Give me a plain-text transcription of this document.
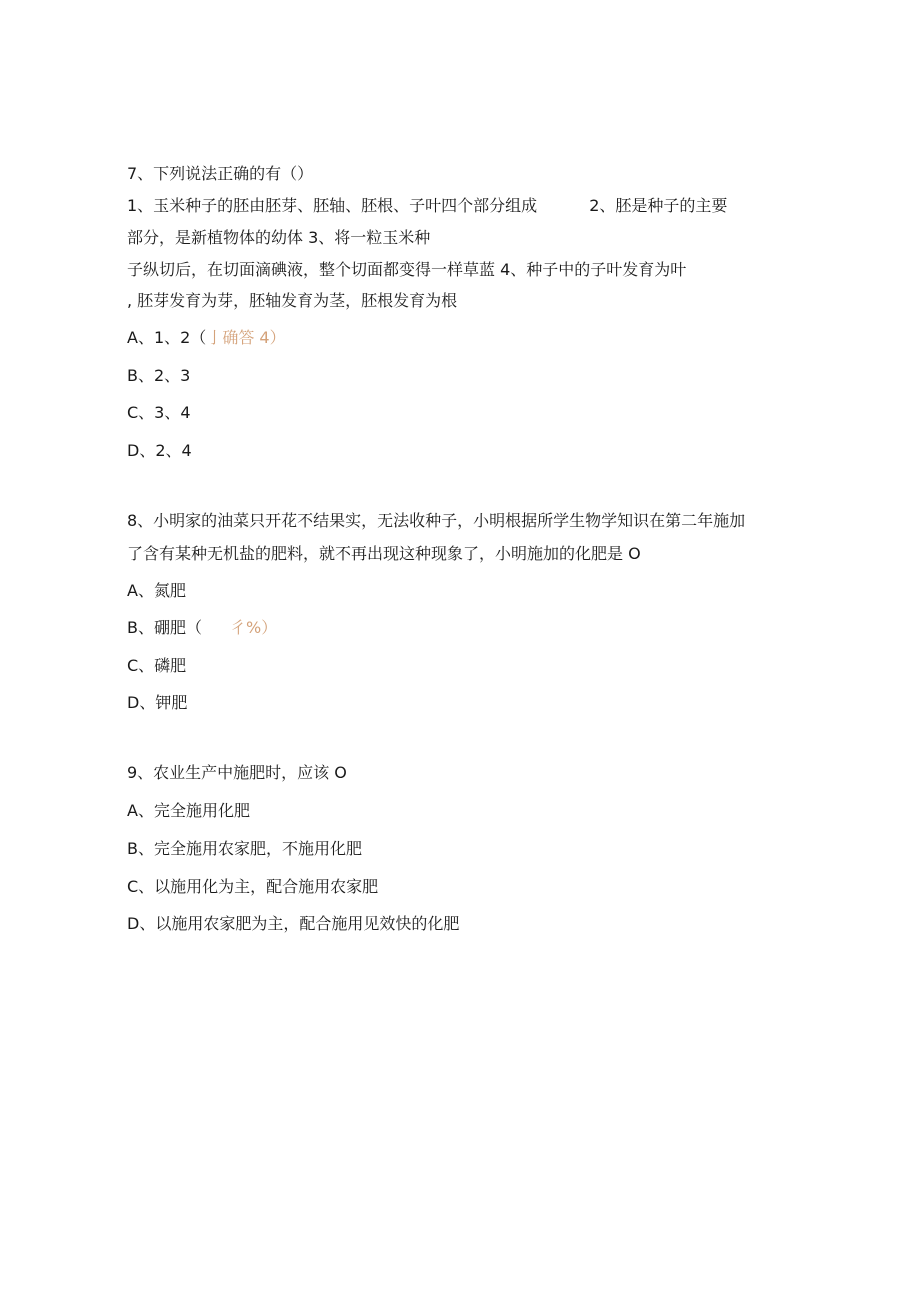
7、下列说法正确的有（）
1、玉米种子的胚由胚芽、胚轴、胚根、子叶四个部分组成	2、胚是种子的主要
部分，是新植物体的幼体 3、将一粒玉米种
子纵切后，在切面滴碘液，整个切面都变得一样草蓝 4、种子中的子叶发育为叶
, 胚芽发育为芽，胚轴发育为茎，胚根发育为根
A、1、2（亅确答 4）
B、2、3
C、3、4
D、2、4
8、小明家的油菜只开花不结果实，无法收种子，小明根据所学生物学知识在第二年施加
了含有某种无机盐的肥料，就不再出现这种现象了，小明施加的化肥是 O
A、氮肥
B、硼肥（ 彳%）
C、磷肥
D、钾肥
9、农业生产中施肥时，应该 O
A、完全施用化肥
B、完全施用农家肥，不施用化肥
C、以施用化为主，配合施用农家肥
D、以施用农家肥为主，配合施用见效快的化肥
